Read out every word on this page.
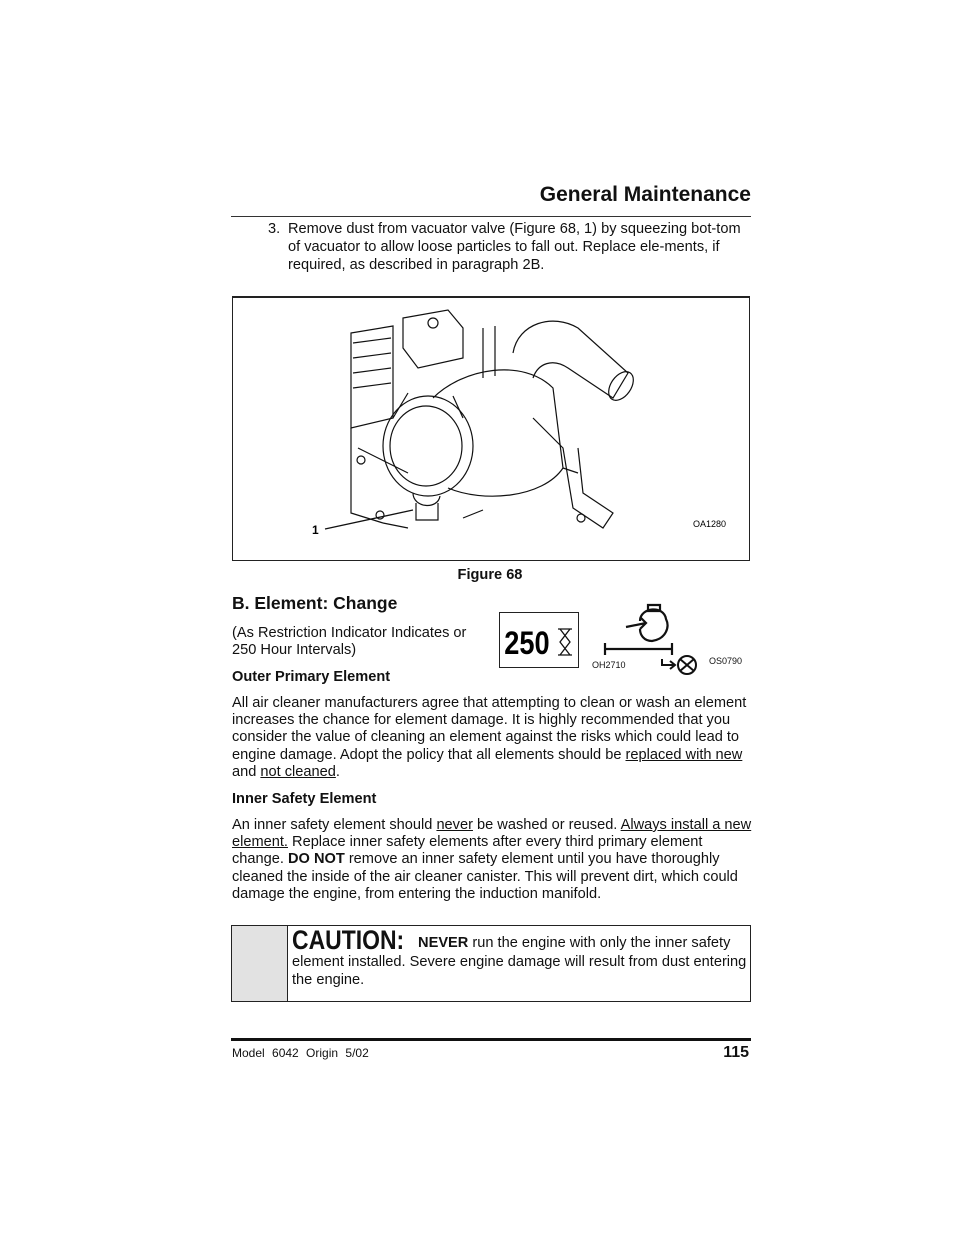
General Maintenance
3. Remove dust from vacuator valve (Figure 68, 1) by squeezing bot-tom of vacuator to allow loose particles to fall out. Replace ele-ments, if required, as described in paragraph 2B.
1	OA1280
Figure 68
B. Element: Change
(As Restriction Indicator Indicates or 250 Hour Intervals)	250
OH2710	OS0790
Outer Primary Element
All air cleaner manufacturers agree that attempting to clean or wash an element increases the chance for element damage. It is highly recommended that you consider the value of cleaning an element against the risks which could lead to engine damage. Adopt the policy that all elements should be replaced with new and not cleaned.
Inner Safety Element
An inner safety element should never be washed or reused. Always install a new element. Replace inner safety elements after every third primary element change. DO NOT remove an inner safety element until you have thoroughly cleaned the inside of the air cleaner canister. This will prevent dirt, which could damage the engine, from entering the induction manifold.
CAUTION: NEVER run the engine with only the inner safety element installed. Severe engine damage will result from dust entering the engine.
Model 6042 Origin 5/02	115
